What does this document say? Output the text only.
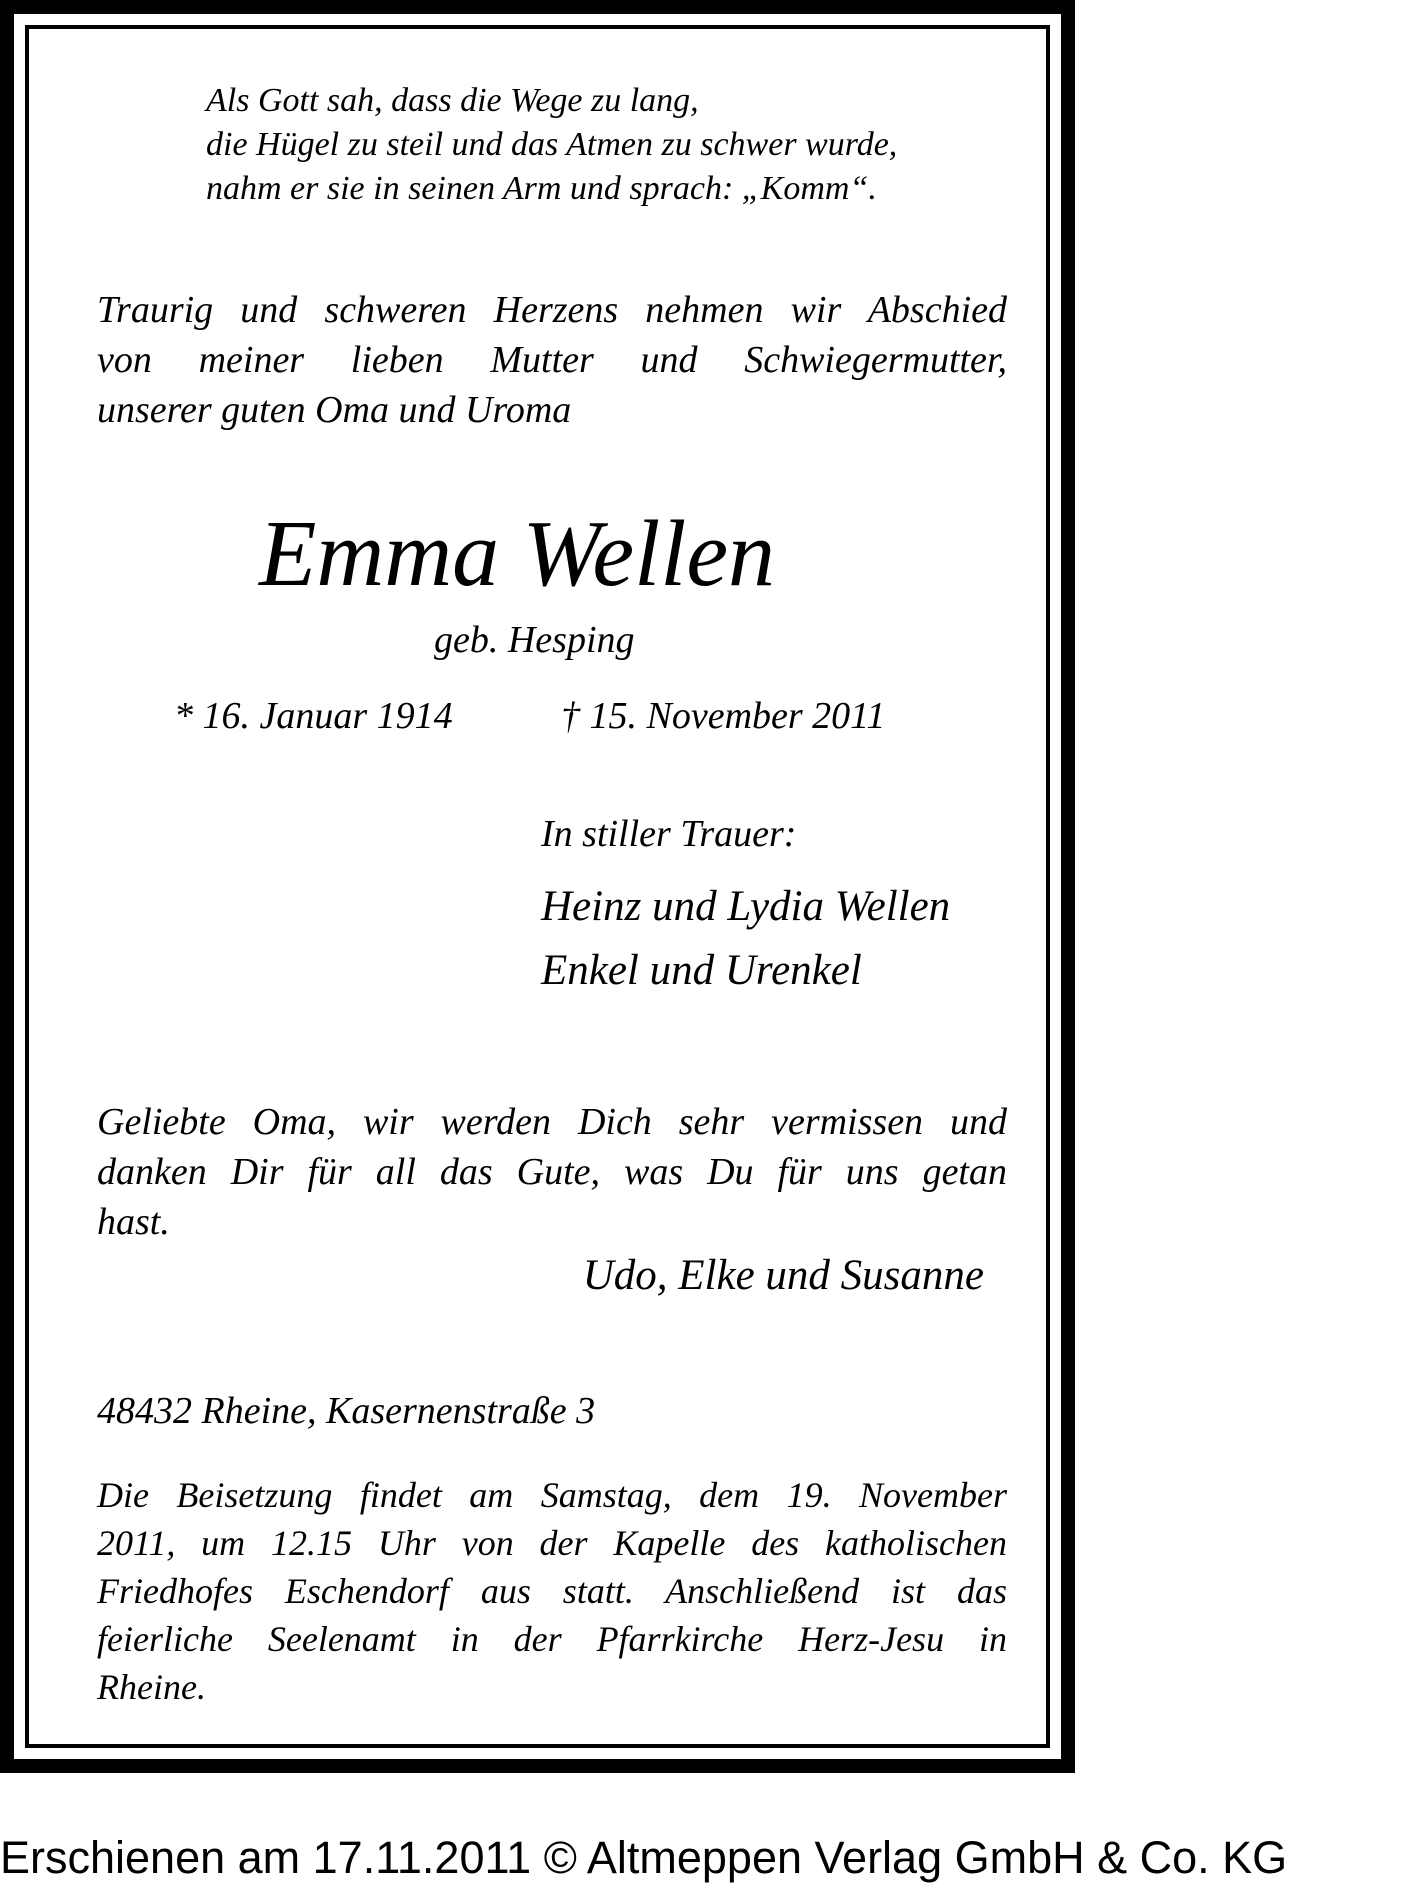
Als Gott sah, dass die Wege zu lang,
die Hügel zu steil und das Atmen zu schwer wurde,
nahm er sie in seinen Arm und sprach: „Komm“.
Traurig und schweren Herzens nehmen wir Abschied
von meiner lieben Mutter und Schwiegermutter,
unserer guten Oma und Uroma
Emma Wellen
geb. Hesping
* 16. Januar 1914	† 15. November 2011
In stiller Trauer:
Heinz und Lydia Wellen
Enkel und Urenkel
Geliebte Oma, wir werden Dich sehr vermissen und
danken Dir für all das Gute, was Du für uns getan
hast.
Udo, Elke und Susanne
48432 Rheine, Kasernenstraße 3
Die Beisetzung findet am Samstag, dem 19. November
2011, um 12.15 Uhr von der Kapelle des katholischen
Friedhofes Eschendorf aus statt. Anschließend ist das
feierliche Seelenamt in der Pfarrkirche Herz-Jesu in
Rheine.
Erschienen am 17.11.2011 © Altmeppen Verlag GmbH & Co. KG
